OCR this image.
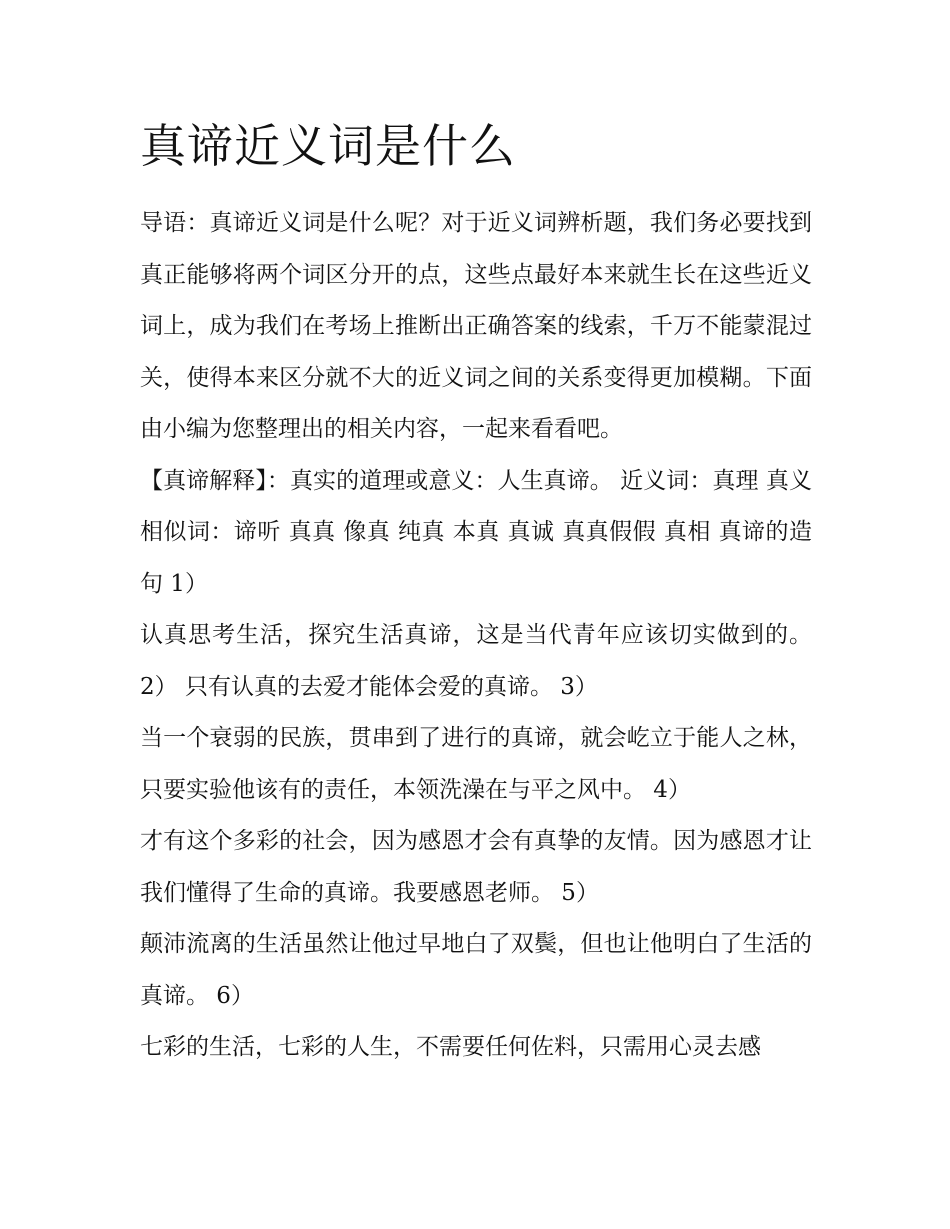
真谛近义词是什么

导语：真谛近义词是什么呢？对于近义词辨析题，我们务必要找到真正能够将两个词区分开的点，这些点最好本来就生长在这些近义词上，成为我们在考场上推断出正确答案的线索，千万不能蒙混过关，使得本来区分就不大的近义词之间的关系变得更加模糊。下面由小编为您整理出的相关内容，一起来看看吧。

【真谛解释】：真实的道理或意义：人生真谛。 近义词：真理 真义 相似词：谛听 真真 像真 纯真 本真 真诚 真真假假 真相 真谛的造句 1）

认真思考生活，探究生活真谛，这是当代青年应该切实做到的。 2） 只有认真的去爱才能体会爱的真谛。 3）

当一个衰弱的民族，贯串到了进行的真谛，就会屹立于能人之林，只要实验他该有的责任，本领洗澡在与平之风中。 4）

才有这个多彩的社会，因为感恩才会有真挚的友情。因为感恩才让我们懂得了生命的真谛。我要感恩老师。 5）

颠沛流离的生活虽然让他过早地白了双鬓，但也让他明白了生活的真谛。 6）

七彩的生活，七彩的人生，不需要任何佐料，只需用心灵去感
